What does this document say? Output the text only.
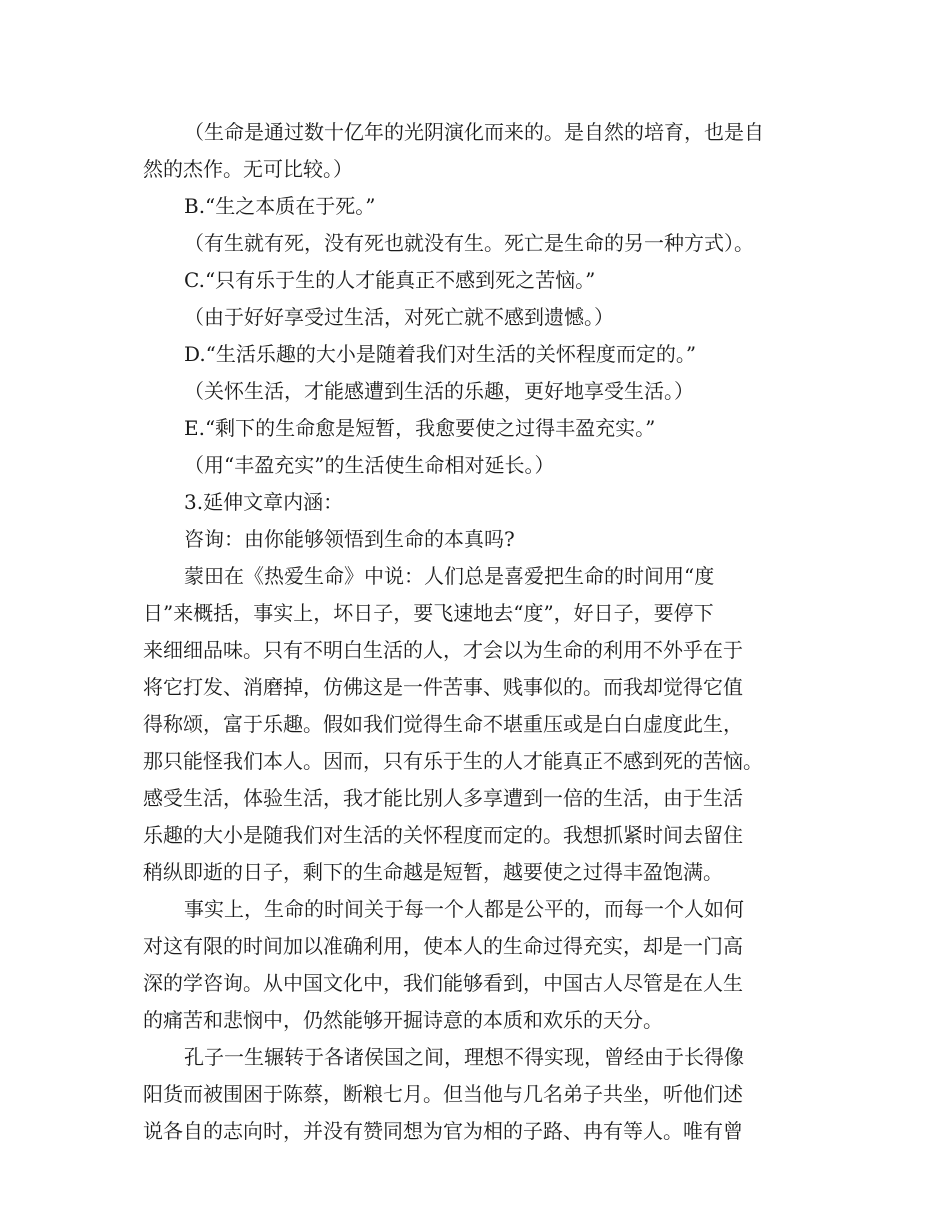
（生命是通过数十亿年的光阴演化而来的。是自然的培育，也是自
然的杰作。无可比较。）
B.“生之本质在于死。”
（有生就有死，没有死也就没有生。死亡是生命的另一种方式）。
C.“只有乐于生的人才能真正不感到死之苦恼。”
（由于好好享受过生活，对死亡就不感到遗憾。）
D.“生活乐趣的大小是随着我们对生活的关怀程度而定的。”
（关怀生活，才能感遭到生活的乐趣，更好地享受生活。）
E.“剩下的生命愈是短暂，我愈要使之过得丰盈充实。”
（用“丰盈充实”的生活使生命相对延长。）
3.延伸文章内涵：
咨询：由你能够领悟到生命的本真吗?
蒙田在《热爱生命》中说：人们总是喜爱把生命的时间用“度
日”来概括，事实上，坏日子，要飞速地去“度”，好日子，要停下
来细细品味。只有不明白生活的人，才会以为生命的利用不外乎在于
将它打发、消磨掉，仿佛这是一件苦事、贱事似的。而我却觉得它值
得称颂，富于乐趣。假如我们觉得生命不堪重压或是白白虚度此生，
那只能怪我们本人。因而，只有乐于生的人才能真正不感到死的苦恼。
感受生活，体验生活，我才能比别人多享遭到一倍的生活，由于生活
乐趣的大小是随我们对生活的关怀程度而定的。我想抓紧时间去留住
稍纵即逝的日子，剩下的生命越是短暂，越要使之过得丰盈饱满。
事实上，生命的时间关于每一个人都是公平的，而每一个人如何
对这有限的时间加以准确利用，使本人的生命过得充实，却是一门高
深的学咨询。从中国文化中，我们能够看到，中国古人尽管是在人生
的痛苦和悲悯中，仍然能够开掘诗意的本质和欢乐的天分。
孔子一生辗转于各诸侯国之间，理想不得实现，曾经由于长得像
阳货而被围困于陈蔡，断粮七月。但当他与几名弟子共坐，听他们述
说各自的志向时，并没有赞同想为官为相的子路、冉有等人。唯有曾
